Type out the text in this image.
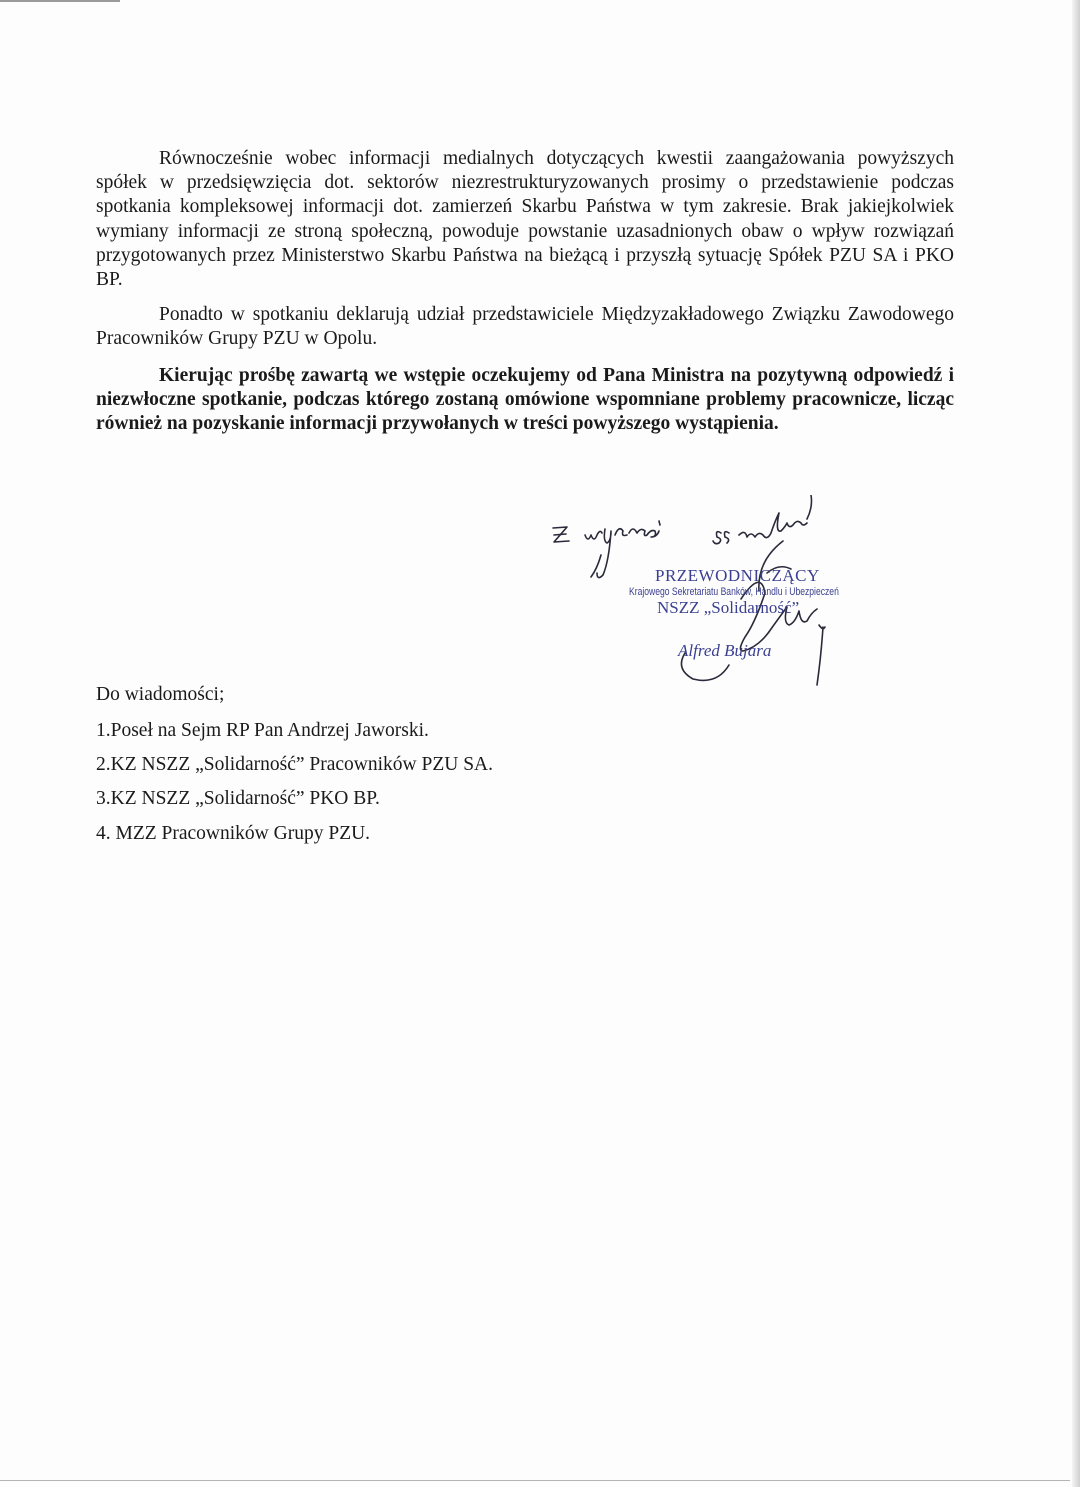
Równocześnie wobec informacji medialnych dotyczących kwestii zaangażowania powyższych spółek w przedsięwzięcia dot. sektorów niezrestrukturyzowanych prosimy o przedstawienie podczas spotkania kompleksowej informacji dot. zamierzeń Skarbu Państwa w tym zakresie. Brak jakiejkolwiek wymiany informacji ze stroną społeczną, powoduje powstanie uzasadnionych obaw o wpływ rozwiązań przygotowanych przez Ministerstwo Skarbu Państwa na bieżącą i przyszłą sytuację Spółek PZU SA i PKO BP.

Ponadto w spotkaniu deklarują udział przedstawiciele Międzyzakładowego Związku Zawodowego Pracowników Grupy PZU w Opolu.

Kierując prośbę zawartą we wstępie oczekujemy od Pana Ministra na pozytywną odpowiedź i niezwłoczne spotkanie, podczas którego zostaną omówione wspomniane problemy pracownicze, licząc również na pozyskanie informacji przywołanych w treści powyższego wystąpienia.

PRZEWODNICZĄCY

Krajowego Sekretariatu Banków, Handlu i Ubezpieczeń

NSZZ „Solidarność”

Alfred Bujara

Do wiadomości;

1.Poseł na Sejm RP Pan Andrzej Jaworski.

2.KZ NSZZ „Solidarność” Pracowników PZU SA.

3.KZ NSZZ „Solidarność” PKO BP.

4. MZZ Pracowników Grupy PZU.
